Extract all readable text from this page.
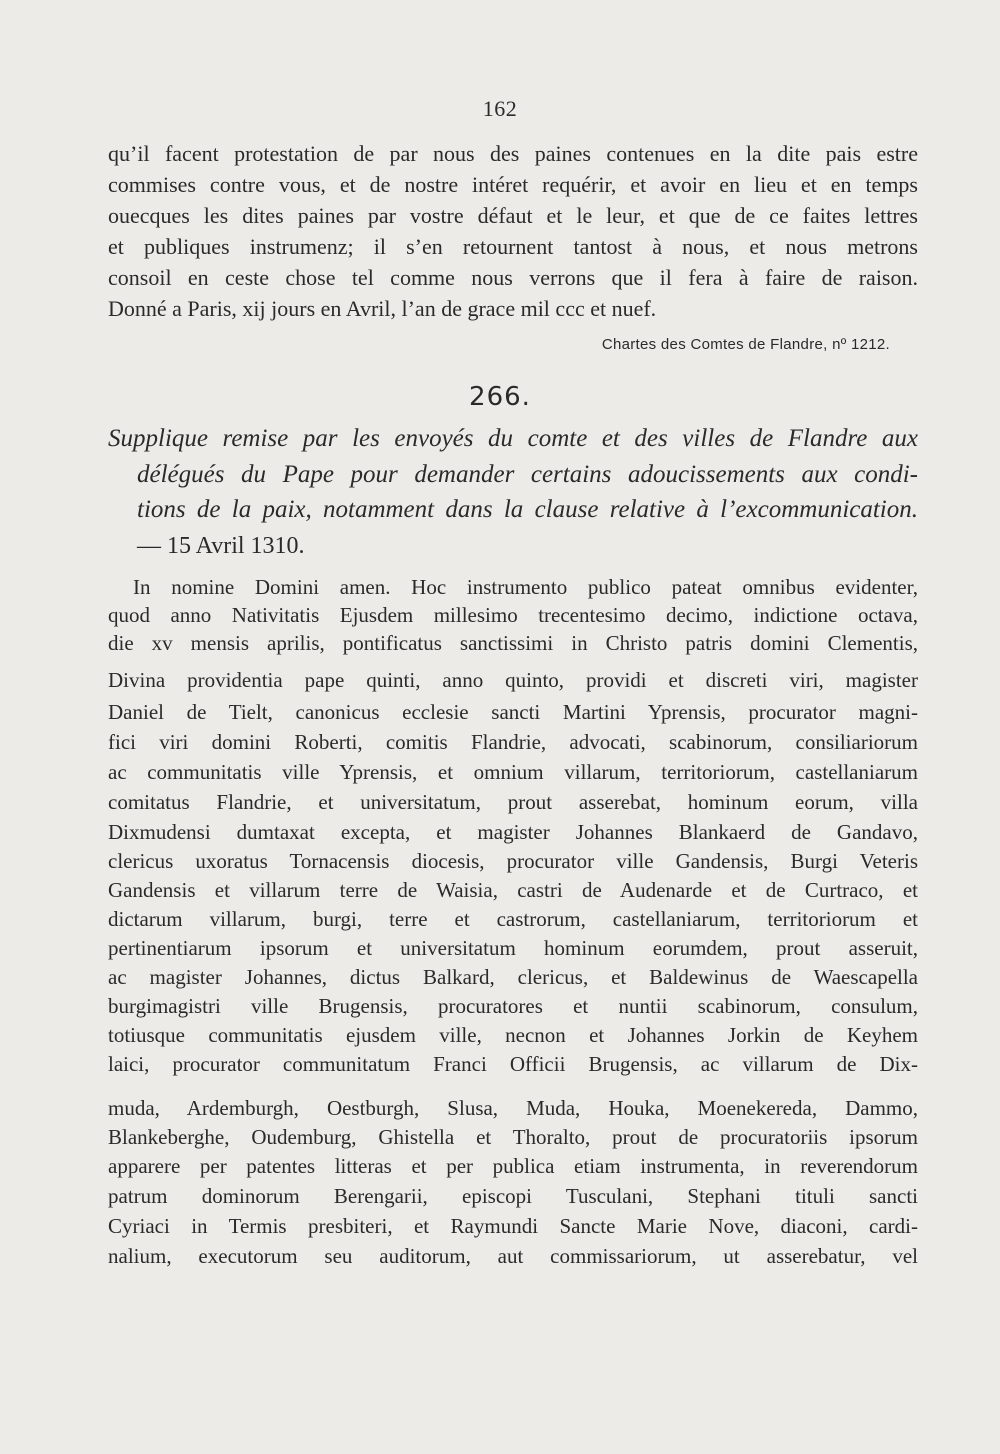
162
qu’il facent protestation de par nous des paines contenues en la dite pais estre
commises contre vous, et de nostre intéret requérir, et avoir en lieu et en temps
ouecques les dites paines par vostre défaut et le leur, et que de ce faites lettres
et publiques instrumenz; il s’en retournent tantost à nous, et nous metrons
consoil en ceste chose tel comme nous verrons que il fera à faire de raison.
Donné a Paris, xij jours en Avril, l’an de grace mil ccc et nuef.
Chartes des Comtes de Flandre, nº 1212.
266.
Supplique remise par les envoyés du comte et des villes de Flandre aux
délégués du Pape pour demander certains adoucissements aux condi-
tions de la paix, notamment dans la clause relative à l’excommunication.
— 15 Avril 1310.
In nomine Domini amen. Hoc instrumento publico pateat omnibus evidenter,
quod anno Nativitatis Ejusdem millesimo trecentesimo decimo, indictione octava,
die xv mensis aprilis, pontificatus sanctissimi in Christo patris domini Clementis,
Divina providentia pape quinti, anno quinto, providi et discreti viri, magister
Daniel de Tielt, canonicus ecclesie sancti Martini Yprensis, procurator magni-
fici viri domini Roberti, comitis Flandrie, advocati, scabinorum, consiliariorum
ac communitatis ville Yprensis, et omnium villarum, territoriorum, castellaniarum
comitatus Flandrie, et universitatum, prout asserebat, hominum eorum, villa
Dixmudensi dumtaxat excepta, et magister Johannes Blankaerd de Gandavo,
clericus uxoratus Tornacensis diocesis, procurator ville Gandensis, Burgi Veteris
Gandensis et villarum terre de Waisia, castri de Audenarde et de Curtraco, et
dictarum villarum, burgi, terre et castrorum, castellaniarum, territoriorum et
pertinentiarum ipsorum et universitatum hominum eorumdem, prout asseruit,
ac magister Johannes, dictus Balkard, clericus, et Baldewinus de Waescapella
burgimagistri ville Brugensis, procuratores et nuntii scabinorum, consulum,
totiusque communitatis ejusdem ville, necnon et Johannes Jorkin de Keyhem
laici, procurator communitatum Franci Officii Brugensis, ac villarum de Dix-
muda, Ardemburgh, Oestburgh, Slusa, Muda, Houka, Moenekereda, Dammo,
Blankeberghe, Oudemburg, Ghistella et Thoralto, prout de procuratoriis ipsorum
apparere per patentes litteras et per publica etiam instrumenta, in reverendorum
patrum dominorum Berengarii, episcopi Tusculani, Stephani tituli sancti
Cyriaci in Termis presbiteri, et Raymundi Sancte Marie Nove, diaconi, cardi-
nalium, executorum seu auditorum, aut commissariorum, ut asserebatur, vel
